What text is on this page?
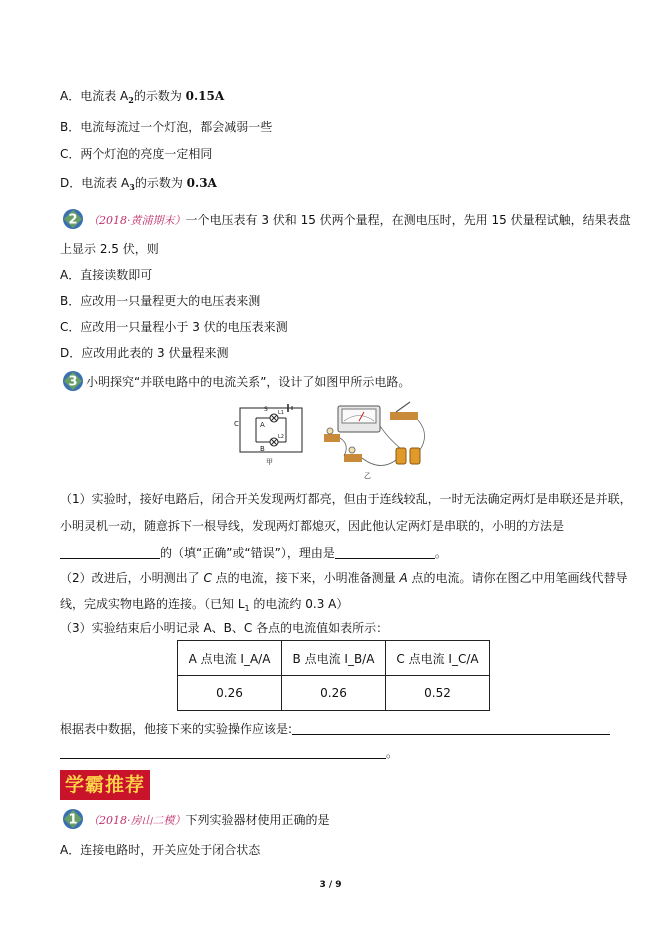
A．电流表 $A_2$的示数为 0.15A
B．电流每流过一个灯泡，都会减弱一些
C．两个灯泡的亮度一定相同
D．电流表 $A_3$的示数为 0.3A
2 （2018·黄浦期末）一个电压表有 3 伏和 15 伏两个量程，在测电压时，先用 15 伏量程试触，结果表盘
上显示 2.5 伏，则
A．直接读数即可
B．应改用一只量程更大的电压表来测
C．应改用一只量程小于 3 伏的电压表来测
D．应改用此表的 3 伏量程来测
3 小明探究“并联电路中的电流关系”，设计了如图甲所示电路。
S
C	A
B
L1
L2
甲
乙
（1）实验时，接好电路后，闭合开关发现两灯都亮，但由于连线较乱，一时无法确定两灯是串联还是并联，
小明灵机一动，随意拆下一根导线，发现两灯都熄灭，因此他认定两灯是串联的，小明的方法是
的（填“正确”或“错误”），理由是	。
（2）改进后，小明测出了 C 点的电流，接下来，小明准备测量 A 点的电流。请你在图乙中用笔画线代替导
线，完成实物电路的连接。（已知 $L_1$ 的电流约 0.3 A）
（3）实验结束后小明记录 A、B、C 各点的电流值如表所示：
A 点电流 I_A/A	B 点电流 I_B/A	C 点电流 I_C/A
0.26	0.26	0.52
根据表中数据，他接下来的实验操作应该是:
。
学霸推荐
1 （2018·房山二模）下列实验器材使用正确的是
A．连接电路时，开关应处于闭合状态
3 / 9
